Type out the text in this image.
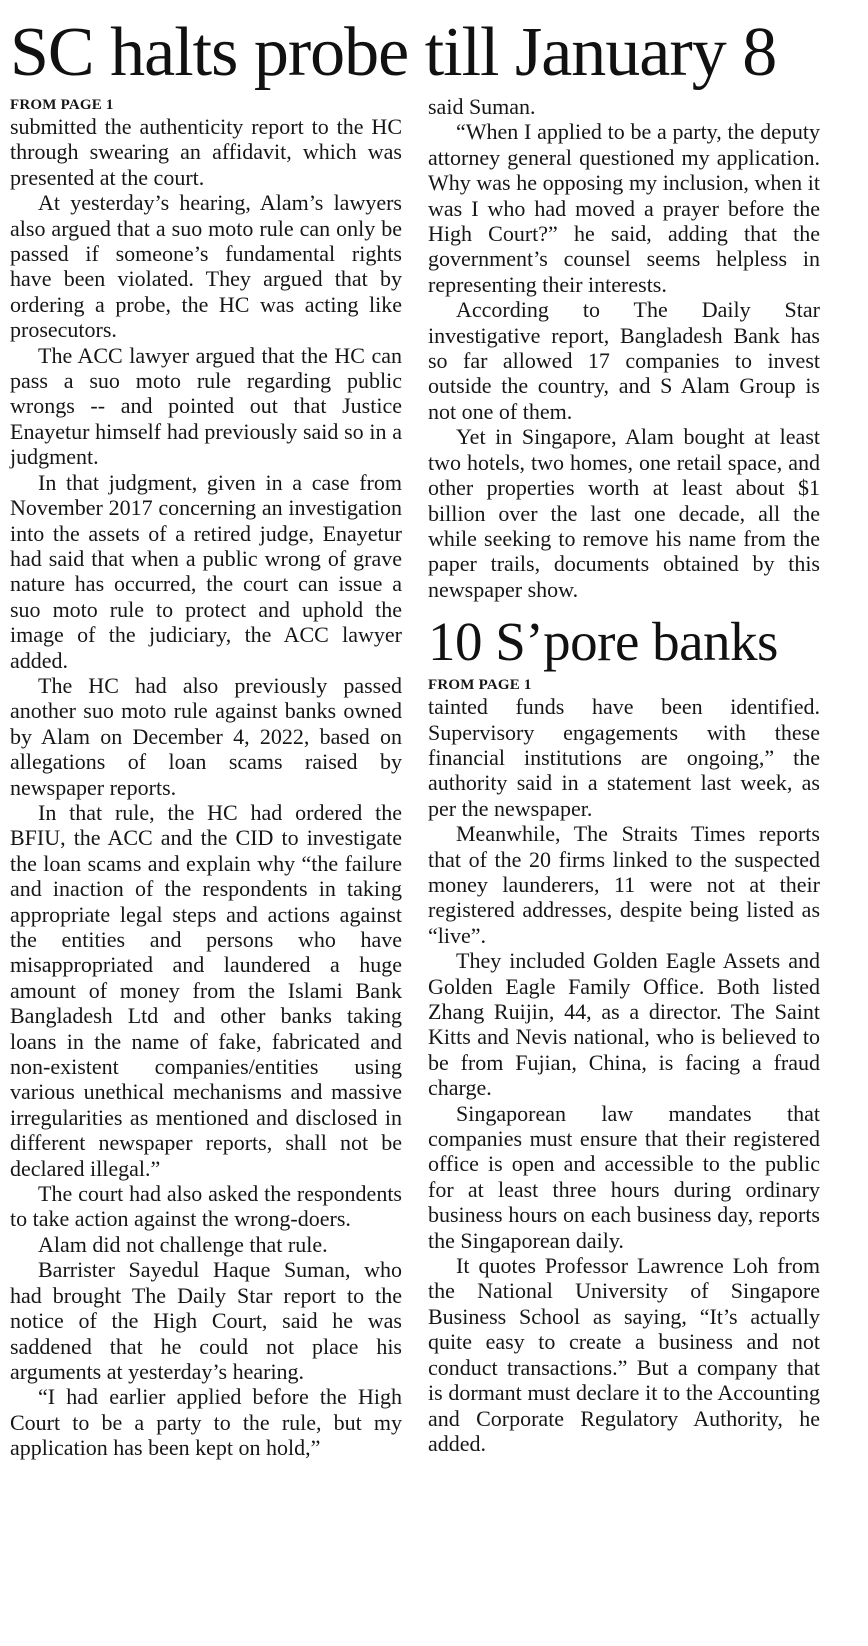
SC halts probe till January 8
FROM PAGE 1

submitted the authenticity report to the HC through swearing an affidavit, which was presented at the court.

At yesterday’s hearing, Alam’s lawyers also argued that a suo moto rule can only be passed if someone’s fundamental rights have been violated. They argued that by ordering a probe, the HC was acting like prosecutors.

The ACC lawyer argued that the HC can pass a suo moto rule regarding public wrongs -- and pointed out that Justice Enayetur himself had previously said so in a judgment.

In that judgment, given in a case from November 2017 concerning an investigation into the assets of a retired judge, Enayetur had said that when a public wrong of grave nature has occurred, the court can issue a suo moto rule to protect and uphold the image of the judiciary, the ACC lawyer added.

The HC had also previously passed another suo moto rule against banks owned by Alam on December 4, 2022, based on allegations of loan scams raised by newspaper reports.

In that rule, the HC had ordered the BFIU, the ACC and the CID to investigate the loan scams and explain why “the failure and inaction of the respondents in taking appropriate legal steps and actions against the entities and persons who have misappropriated and laundered a huge amount of money from the Islami Bank Bangladesh Ltd and other banks taking loans in the name of fake, fabricated and non-existent companies/entities using various unethical mechanisms and massive irregularities as mentioned and disclosed in different newspaper reports, shall not be declared illegal.”

The court had also asked the respondents to take action against the wrong-doers.

Alam did not challenge that rule.

Barrister Sayedul Haque Suman, who had brought The Daily Star report to the notice of the High Court, said he was saddened that he could not place his arguments at yesterday’s hearing.

“I had earlier applied before the High Court to be a party to the rule, but my application has been kept on hold,”

said Suman.

“When I applied to be a party, the deputy attorney general questioned my application. Why was he opposing my inclusion, when it was I who had moved a prayer before the High Court?” he said, adding that the government’s counsel seems helpless in representing their interests.

According to The Daily Star investigative report, Bangladesh Bank has so far allowed 17 companies to invest outside the country, and S Alam Group is not one of them.

Yet in Singapore, Alam bought at least two hotels, two homes, one retail space, and other properties worth at least about $1 billion over the last one decade, all the while seeking to remove his name from the paper trails, documents obtained by this newspaper show.

10 S’pore banks
FROM PAGE 1

tainted funds have been identified. Supervisory engagements with these financial institutions are ongoing,” the authority said in a statement last week, as per the newspaper.

Meanwhile, The Straits Times reports that of the 20 firms linked to the suspected money launderers, 11 were not at their registered addresses, despite being listed as “live”.

They included Golden Eagle Assets and Golden Eagle Family Office. Both listed Zhang Ruijin, 44, as a director. The Saint Kitts and Nevis national, who is believed to be from Fujian, China, is facing a fraud charge.

Singaporean law mandates that companies must ensure that their registered office is open and accessible to the public for at least three hours during ordinary business hours on each business day, reports the Singaporean daily.

It quotes Professor Lawrence Loh from the National University of Singapore Business School as saying, “It’s actually quite easy to create a business and not conduct transactions.” But a company that is dormant must declare it to the Accounting and Corporate Regulatory Authority, he added.
